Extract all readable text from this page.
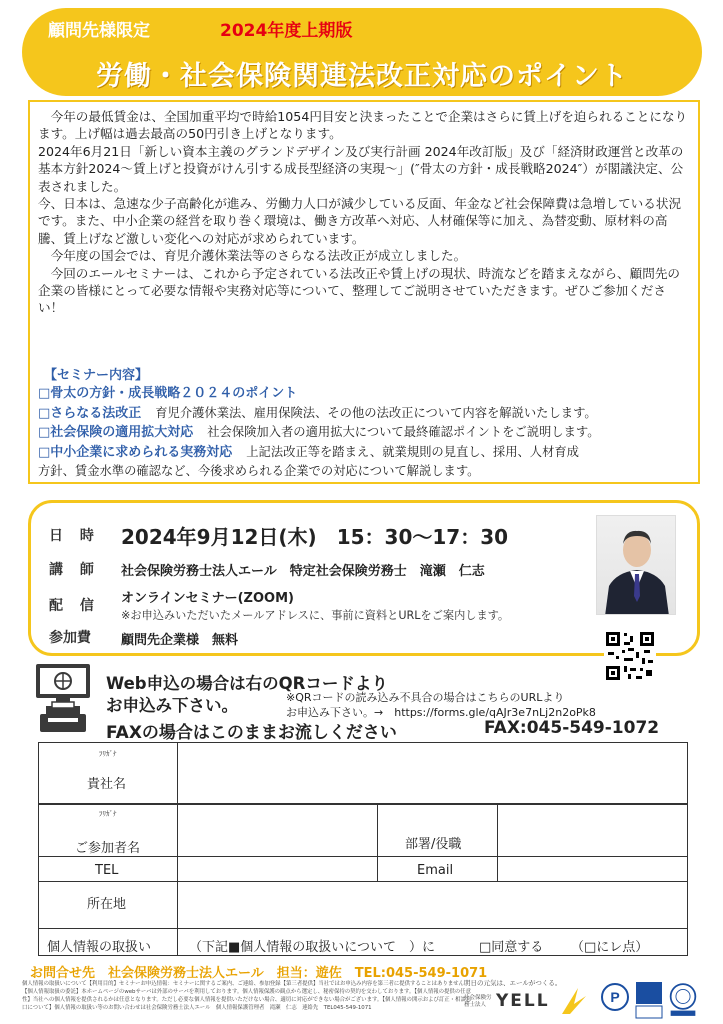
顧問先様限定	2024年度上期版
労働・社会保険関連法改正対応のポイント

　今年の最低賃金は、全国加重平均で時給1054円目安と決まったことで企業はさらに賃上げを迫られることになります。上げ幅は過去最高の50円引き上げとなります。

2024年6月21日「新しい資本主義のグランドデザイン及び実行計画 2024年改訂版」及び「経済財政運営と改革の基本方針2024～賃上げと投資がけん引する成長型経済の実現～」(″骨太の方針・成長戦略2024″）が閣議決定、公表されました。

今、日本は、急速な少子高齢化が進み、労働力人口が減少している反面、年金など社会保障費は急増している状況です。また、中小企業の経営を取り巻く環境は、働き方改革へ対応、人材確保等に加え、為替変動、原材料の高騰、賃上げなど激しい変化への対応が求められています。

　今年度の国会では、育児介護休業法等のさらなる法改正が成立しました。

　今回のエールセミナーは、これから予定されている法改正や賃上げの現状、時流などを踏まえながら、顧問先の企業の皆様にとって必要な情報や実務対応等について、整理してご説明させていただきます。ぜひご参加ください！

【セミナー内容】
□骨太の方針・成長戦略２０２４のポイント
□さらなる法改正 育児介護休業法、雇用保険法、その他の法改正について内容を解説いたします。
□社会保険の適用拡大対応 社会保険加入者の適用拡大について最終確認ポイントをご説明します。
□中小企業に求められる実務対応 上記法改正等を踏まえ、就業規則の見直し、採用、人材育成
方針、賃金水準の確認など、今後求められる企業での対応について解説します。
日 時 2024年9月12日(木)　15：30～17：30
講 師 社会保険労務士法人エール　特定社会保険労務士　滝瀬　仁志
配 信 オンラインセミナー(ZOOM)
※お申込みいただいたメールアドレスに、事前に資料とURLをご案内します。
参加費 顧問先企業様　無料
Web申込の場合は右のQRコードより
お申込み下さい。	※QRコードの読み込み不具合の場合はこちらのURLより
お申込み下さい。→　https://forms.gle/qAJr3e7nLj2n2oPk8
FAXの場合はこのままお流しください	FAX:045-549-1072
ﾌﾘｶﾞﾅ
貴社名
ﾌﾘｶﾞﾅ
ご参加者名	部署/役職
TEL	Email
所在地
個人情報の取扱い	（下記■個人情報の取扱いについて　）に	□同意する （□にレ点）
お問合せ先　社会保険労務士法人エール　担当：遊佐　TEL:045-549-1071
個人情報の取扱いについて【利用目的】セミナーお申込情報：セミナーに関するご案内、ご連絡、参加登録【第三者提供】当社ではお申込み内容を第三者に提供することはありません。【個人情報取扱の委託】本ホームページのwebサーバは外部のサーバを利用しております。個人情報保護の観点から選定し、秘密保持の契約を交わしております。【個人情報の提供の任意性】当社への個人情報を提供されるかは任意となります。ただし必要な個人情報を提供いただけない場合、適切に対応ができない場合がございます。【個人情報の開示および訂正・相談窓口について】個人情報の取扱い等のお問い合わせは社会保険労務士法人エール　個人情報保護管理者　滝瀬　仁志　連絡先　TEL045-549-1071
明日の元気は、エールがつくる。
社会保険労務士法人 YELL	P
